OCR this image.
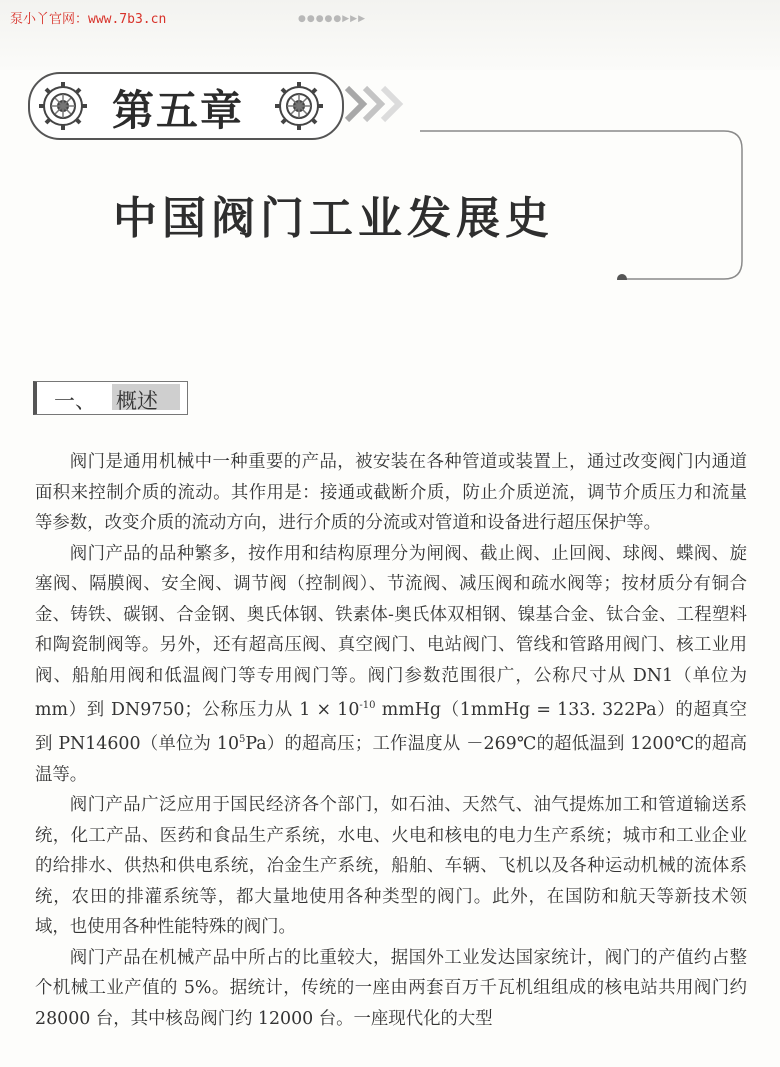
●●●●●▶▶▶
泵小丫官网：www.7b3.cn
第五章
中国阀门工业发展史
一、 概述

阀门是通用机械中一种重要的产品，被安装在各种管道或装置上，通过改变阀门内通道面积来控制介质的流动。其作用是：接通或截断介质，防止介质逆流，调节介质压力和流量等参数，改变介质的流动方向，进行介质的分流或对管道和设备进行超压保护等。

阀门产品的品种繁多，按作用和结构原理分为闸阀、截止阀、止回阀、球阀、蝶阀、旋塞阀、隔膜阀、安全阀、调节阀（控制阀）、节流阀、减压阀和疏水阀等；按材质分有铜合金、铸铁、碳钢、合金钢、奥氏体钢、铁素体-奥氏体双相钢、镍基合金、钛合金、工程塑料和陶瓷制阀等。另外，还有超高压阀、真空阀门、电站阀门、管线和管路用阀门、核工业用阀、船舶用阀和低温阀门等专用阀门等。阀门参数范围很广，公称尺寸从 DN1（单位为 mm）到 DN9750；公称压力从 $1 \times 10^{-10}$ mmHg（1mmHg = 133. 322Pa）的超真空到 PN14600（单位为 $10^5Pa$）的超高压；工作温度从 －269℃的超低温到 1200℃的超高温等。

阀门产品广泛应用于国民经济各个部门，如石油、天然气、油气提炼加工和管道输送系统，化工产品、医药和食品生产系统，水电、火电和核电的电力生产系统；城市和工业企业的给排水、供热和供电系统，冶金生产系统，船舶、车辆、飞机以及各种运动机械的流体系统，农田的排灌系统等，都大量地使用各种类型的阀门。此外，在国防和航天等新技术领域，也使用各种性能特殊的阀门。

阀门产品在机械产品中所占的比重较大，据国外工业发达国家统计，阀门的产值约占整个机械工业产值的 5%。据统计，传统的一座由两套百万千瓦机组组成的核电站共用阀门约 28000 台，其中核岛阀门约 12000 台。一座现代化的大型
